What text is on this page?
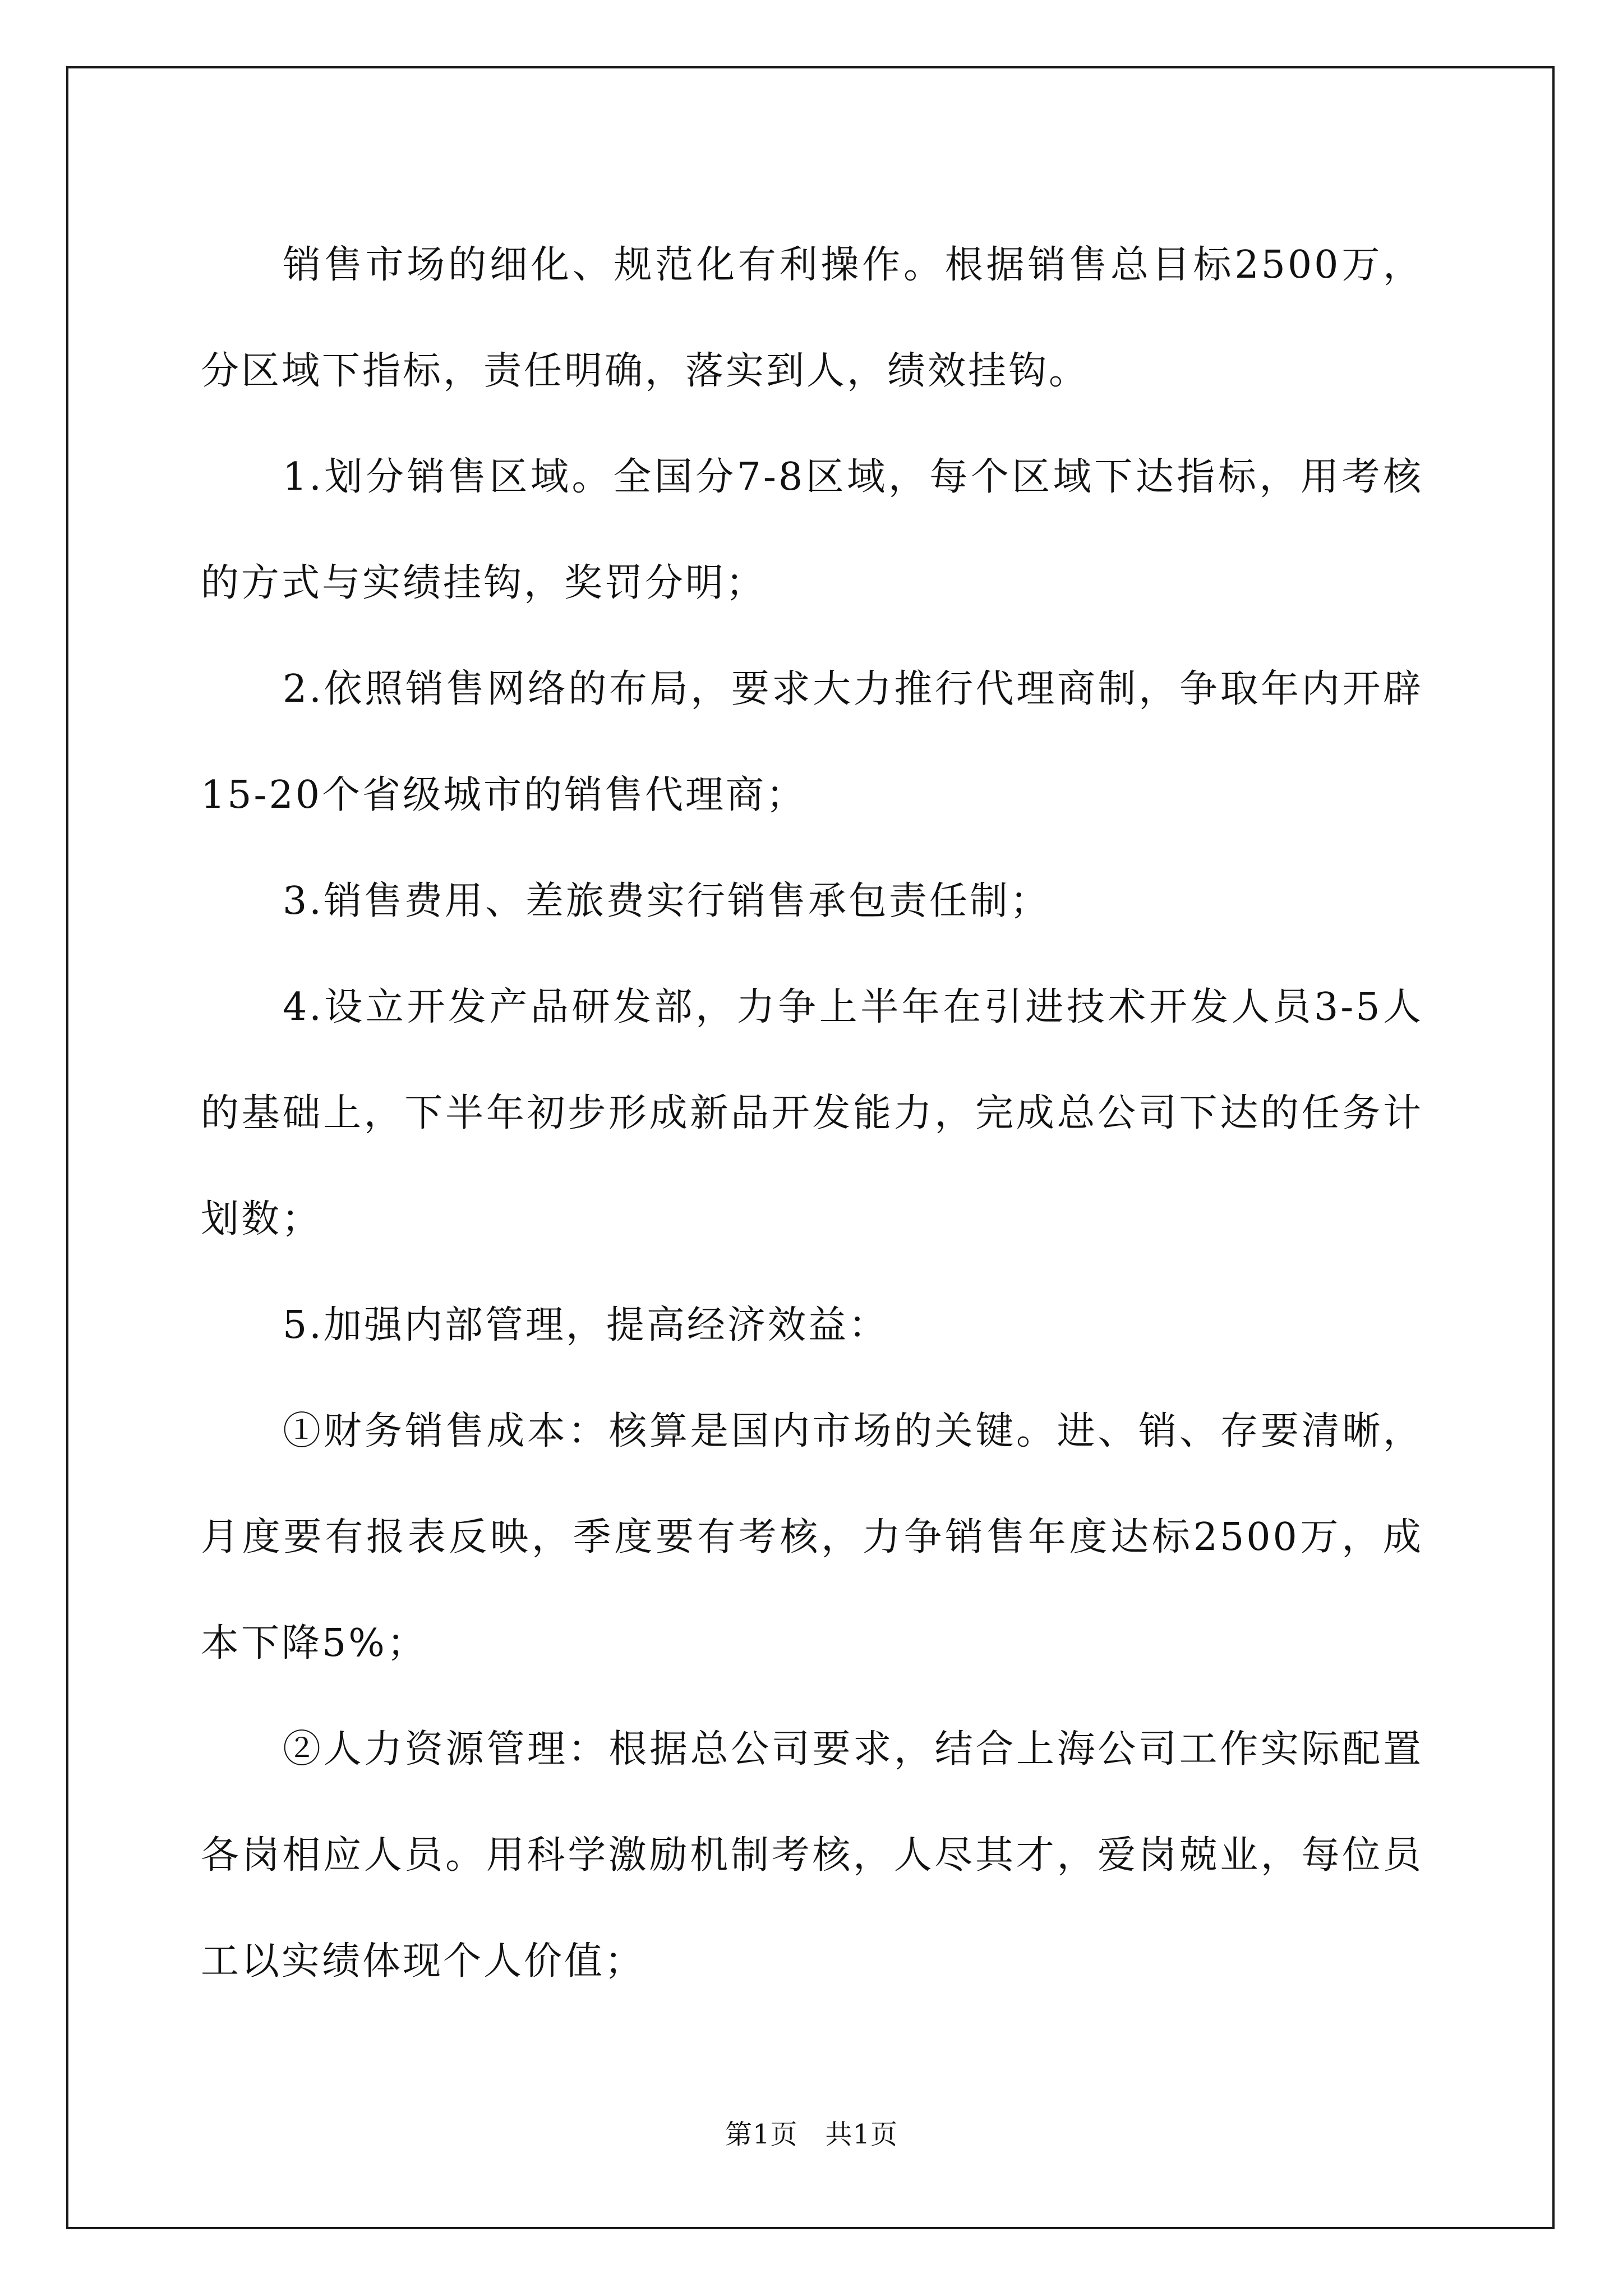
销售市场的细化、规范化有利操作。根据销售总目标2500万，分区域下指标，责任明确，落实到人，绩效挂钩。

1.划分销售区域。全国分7-8区域，每个区域下达指标，用考核的方式与实绩挂钩，奖罚分明；

2.依照销售网络的布局，要求大力推行代理商制，争取年内开辟15-20个省级城市的销售代理商；

3.销售费用、差旅费实行销售承包责任制；

4.设立开发产品研发部，力争上半年在引进技术开发人员3-5人的基础上，下半年初步形成新品开发能力，完成总公司下达的任务计划数；

5.加强内部管理，提高经济效益：

①财务销售成本：核算是国内市场的关键。进、销、存要清晰，月度要有报表反映，季度要有考核，力争销售年度达标2500万，成本下降5%；

②人力资源管理：根据总公司要求，结合上海公司工作实际配置各岗相应人员。用科学激励机制考核，人尽其才，爱岗兢业，每位员工以实绩体现个人价值；

第1页　共1页
